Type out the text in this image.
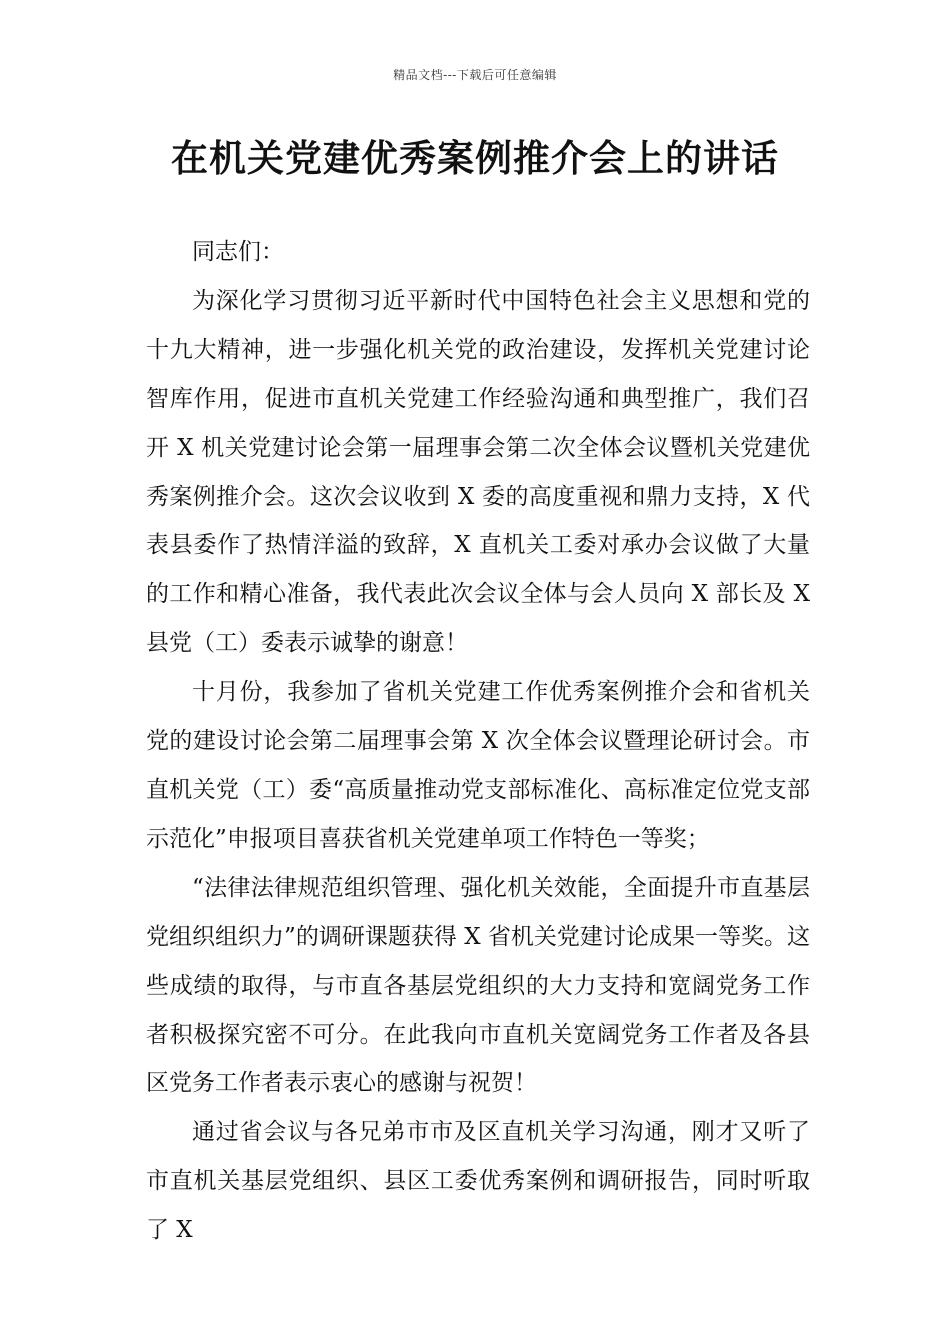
精品文档---下载后可任意编辑
在机关党建优秀案例推介会上的讲话

同志们：

为深化学习贯彻习近平新时代中国特色社会主义思想和党的十九大精神，进一步强化机关党的政治建设，发挥机关党建讨论智库作用，促进市直机关党建工作经验沟通和典型推广，我们召开 X 机关党建讨论会第一届理事会第二次全体会议暨机关党建优秀案例推介会。这次会议收到 X 委的高度重视和鼎力支持，X 代表县委作了热情洋溢的致辞，X 直机关工委对承办会议做了大量的工作和精心准备，我代表此次会议全体与会人员向 X 部长及 X 县党（工）委表示诚挚的谢意！

十月份，我参加了省机关党建工作优秀案例推介会和省机关党的建设讨论会第二届理事会第 X 次全体会议暨理论研讨会。市直机关党（工）委“高质量推动党支部标准化、高标准定位党支部示范化”申报项目喜获省机关党建单项工作特色一等奖；

“法律法律规范组织管理、强化机关效能，全面提升市直基层党组织组织力”的调研课题获得 X 省机关党建讨论成果一等奖。这些成绩的取得，与市直各基层党组织的大力支持和宽阔党务工作者积极探究密不可分。在此我向市直机关宽阔党务工作者及各县区党务工作者表示衷心的感谢与祝贺！

通过省会议与各兄弟市市及区直机关学习沟通，刚才又听了市直机关基层党组织、县区工委优秀案例和调研报告，同时听取了 X
